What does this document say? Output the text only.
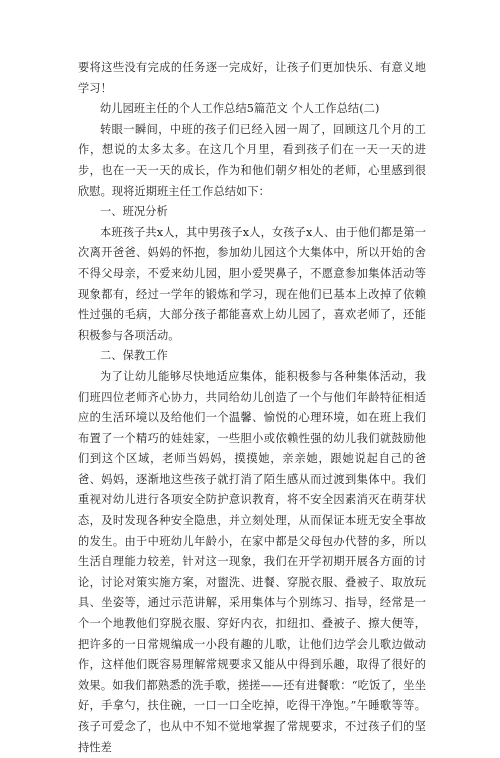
要将这些没有完成的任务逐一完成好，让孩子们更加快乐、有意义地学习！

幼儿园班主任的个人工作总结5篇范文 个人工作总结(二)

转眼一瞬间，中班的孩子们已经入园一周了，回顾这几个月的工作，想说的太多太多。在这几个月里，看到孩子们在一天一天的进步，也在一天一天的成长，作为和他们朝夕相处的老师，心里感到很欣慰。现将近期班主任工作总结如下：

一、班况分析

本班孩子共x人，其中男孩子x人，女孩子x人、由于他们都是第一次离开爸爸、妈妈的怀抱，参加幼儿园这个大集体中，所以开始的舍不得父母亲，不爱来幼儿园，胆小爱哭鼻子，不愿意参加集体活动等现象都有，经过一学年的锻炼和学习，现在他们已基本上改掉了依赖性过强的毛病，大部分孩子都能喜欢上幼儿园了，喜欢老师了，还能积极参与各项活动。

二、保教工作

为了让幼儿能够尽快地适应集体，能积极参与各种集体活动，我们班四位老师齐心协力，共同给幼儿创造了一个与他们年龄特征相适应的生活环境以及给他们一个温馨、愉悦的心理环境，如在班上我们布置了一个精巧的娃娃家，一些胆小或依赖性强的幼儿我们就鼓励他们到这个区域，老师当妈妈，摸摸她，亲亲她，跟她说起自己的爸爸、妈妈，逐渐地这些孩子就打消了陌生感从而过渡到集体中。我们重视对幼儿进行各项安全防护意识教育，将不安全因素消灭在萌芽状态，及时发现各种安全隐患，并立刻处理，从而保证本班无安全事故的发生。由于中班幼儿年龄小，在家中都是父母包办代替的多，所以生活自理能力较差，针对这一现象，我们在开学初期开展各方面的讨论，讨论对策实施方案，对盥洗、进餐、穿脱衣服、叠被子、取放玩具、坐姿等，通过示范讲解，采用集体与个别练习、指导，经常是一个一个地教他们穿脱衣服、穿好内衣，扣纽扣、叠被子、擦大便等，把许多的一日常规编成一小段有趣的儿歌，让他们边学会儿歌边做动作，这样他们既容易理解常规要求又能从中得到乐趣，取得了很好的效果。如我们都熟悉的洗手歌，搓搓——还有进餐歌：“吃饭了，坐坐好，手拿勺，扶住碗，一口一口全吃掉，吃得干净饱。”午睡歌等等。孩子可爱念了，也从中不知不觉地掌握了常规要求，不过孩子们的坚持性差
